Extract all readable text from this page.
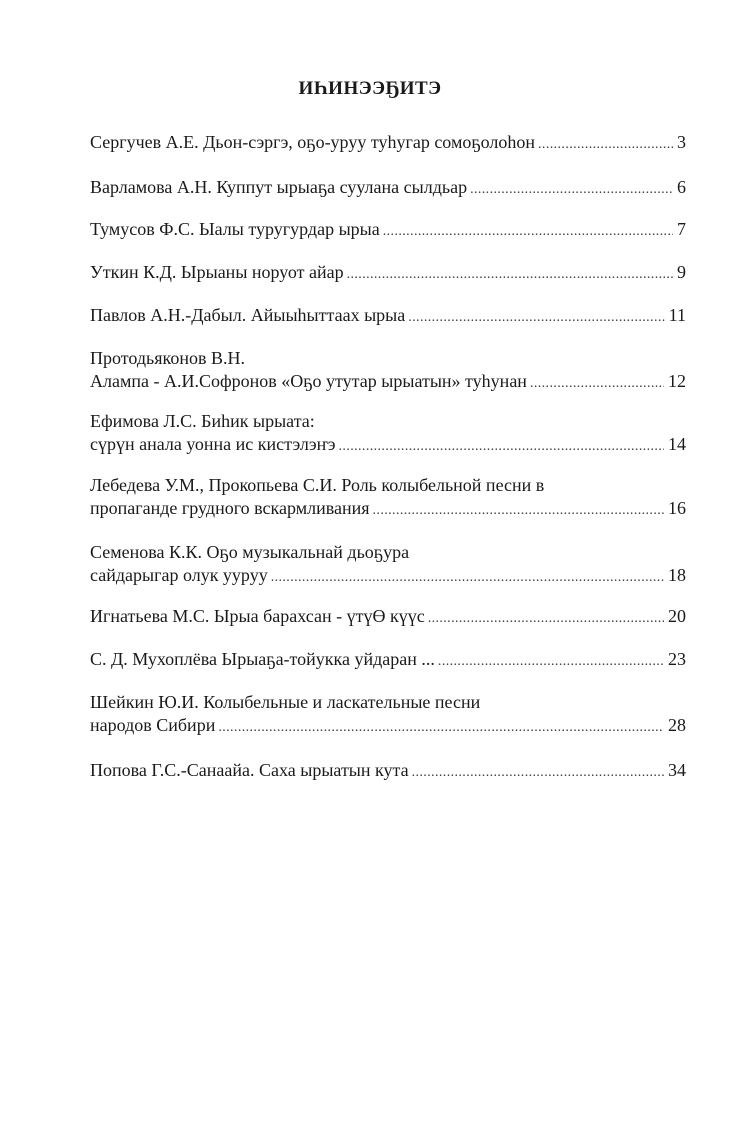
ИҺИНЭЭҔИТЭ
Сергучев А.Е. Дьон-сэргэ, оҕо-уруу туһугар сомоҕолоһон .....	3
Варламова А.Н. Куппут ырыаҕа суулана сылдьар .....	6
Тумусов Ф.С. Ыалы туругурдар ырыа .....	7
Уткин К.Д. Ырыаны норуот айар .....	9
Павлов А.Н.-Дабыл. Айыыһыттаах ырыа .....	11
Протодьяконов В.Н.
Алампа - А.И.Софронов «Оҕо утутар ырыатын» туһунан .....	12
Ефимова Л.С. Биһик ырыата:
сүрүн анала уонна ис кистэлэҥэ .....	14
Лебедева У.М., Прокопьева С.И. Роль колыбельной песни в
пропаганде грудного вскармливания .....	16
Семенова К.К. Оҕо музыкальнай дьоҕура
сайдарыгар олук ууруу .....	18
Игнатьева М.С. Ырыа барахсан - үтүӨ күүс .....	20
С. Д. Мухоплёва Ырыаҕа-тойукка уйдаран ... .....	23
Шейкин Ю.И. Колыбельные и ласкательные песни
народов Сибири .....	28
Попова Г.С.-Санаайа. Саха ырыатын кута .....	34
